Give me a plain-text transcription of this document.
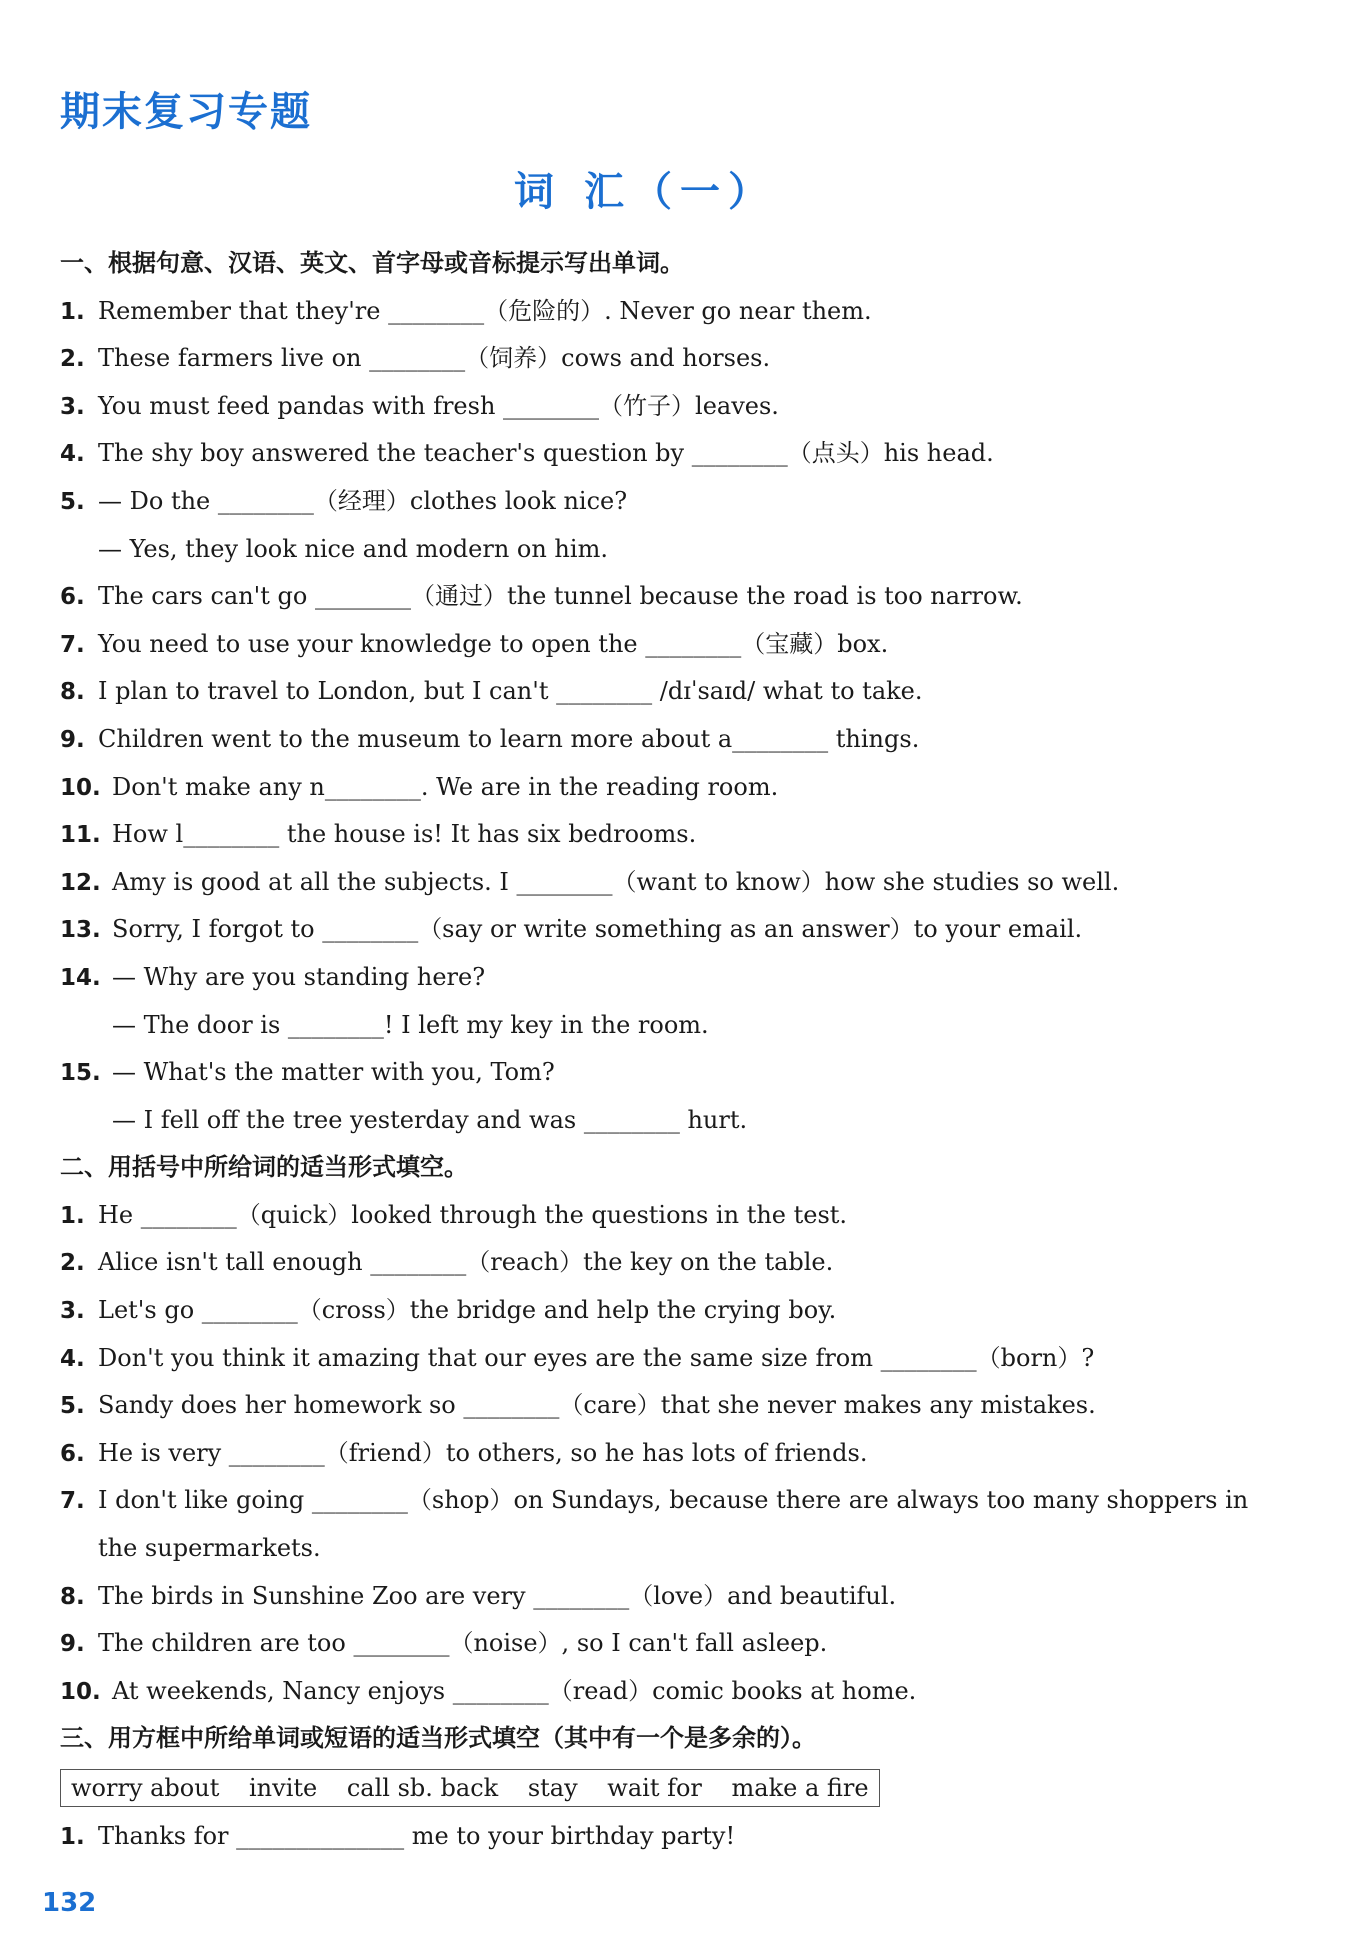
期末复习专题
词 汇（一）
一、根据句意、汉语、英文、首字母或音标提示写出单词。
1. Remember that they're ________（危险的）. Never go near them.
2. These farmers live on ________（饲养）cows and horses.
3. You must feed pandas with fresh ________（竹子）leaves.
4. The shy boy answered the teacher's question by ________（点头）his head.
5. — Do the ________（经理）clothes look nice?
— Yes, they look nice and modern on him.
6. The cars can't go ________（通过）the tunnel because the road is too narrow.
7. You need to use your knowledge to open the ________（宝藏）box.
8. I plan to travel to London, but I can't ________ /dɪˈsaɪd/ what to take.
9. Children went to the museum to learn more about a________ things.
10. Don't make any n________. We are in the reading room.
11. How l________ the house is! It has six bedrooms.
12. Amy is good at all the subjects. I ________（want to know）how she studies so well.
13. Sorry, I forgot to ________（say or write something as an answer）to your email.
14. — Why are you standing here?
— The door is ________! I left my key in the room.
15. — What's the matter with you, Tom?
— I fell off the tree yesterday and was ________ hurt.
二、用括号中所给词的适当形式填空。
1. He ________（quick）looked through the questions in the test.
2. Alice isn't tall enough ________（reach）the key on the table.
3. Let's go ________（cross）the bridge and help the crying boy.
4. Don't you think it amazing that our eyes are the same size from ________（born）?
5. Sandy does her homework so ________（care）that she never makes any mistakes.
6. He is very ________（friend）to others, so he has lots of friends.
7. I don't like going ________（shop）on Sundays, because there are always too many shoppers in
the supermarkets.
8. The birds in Sunshine Zoo are very ________（love）and beautiful.
9. The children are too ________（noise）, so I can't fall asleep.
10. At weekends, Nancy enjoys ________（read）comic books at home.
三、用方框中所给单词或短语的适当形式填空（其中有一个是多余的）。
worry about invite call sb. back stay wait for make a fire
1. Thanks for ______________ me to your birthday party!
132
